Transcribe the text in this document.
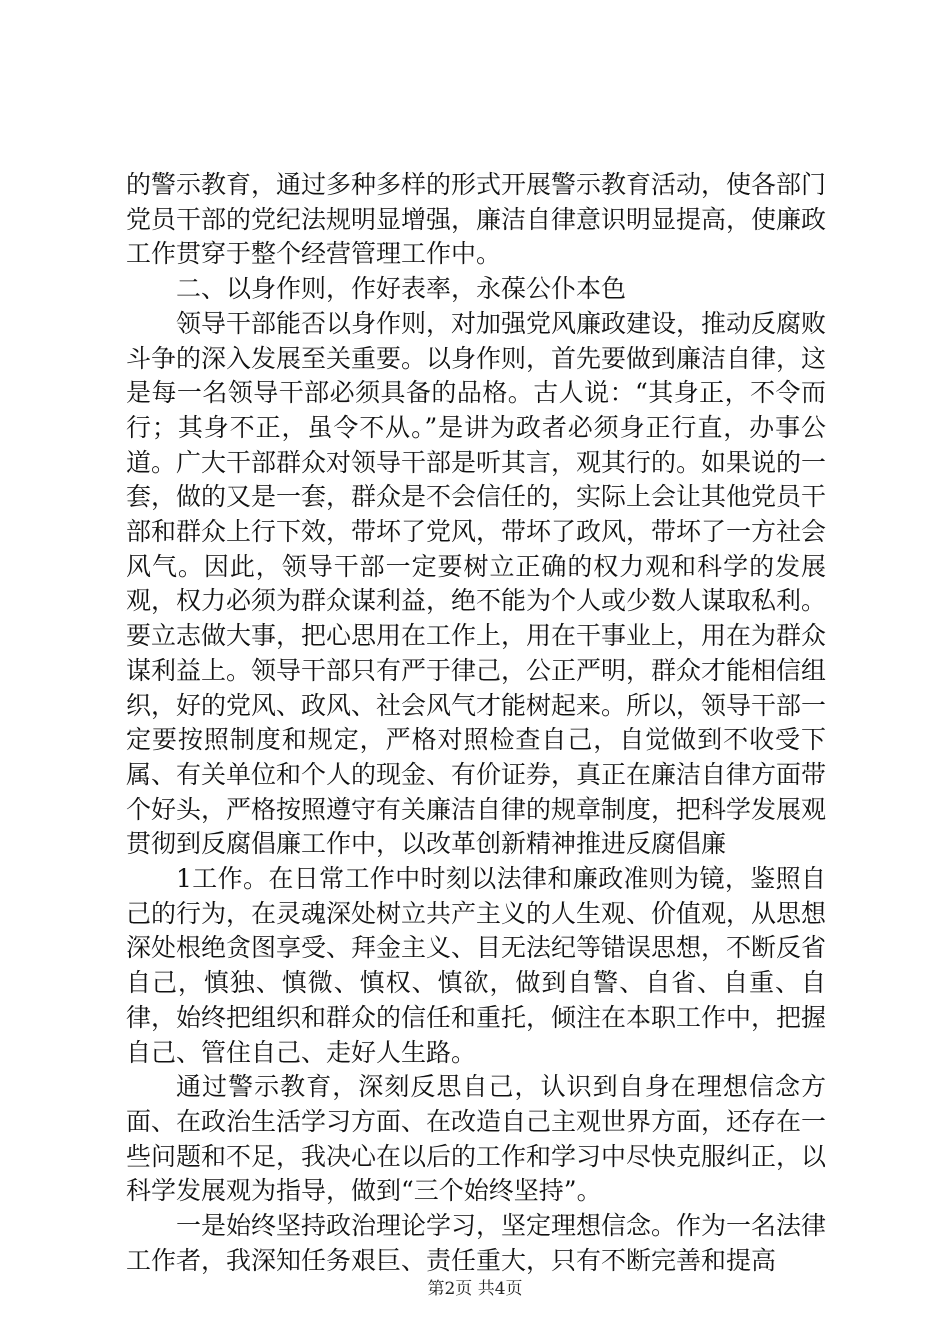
的警示教育，通过多种多样的形式开展警示教育活动，使各部门党员干部的党纪法规明显增强，廉洁自律意识明显提高，使廉政工作贯穿于整个经营管理工作中。

二、以身作则，作好表率，永葆公仆本色

领导干部能否以身作则，对加强党风廉政建设，推动反腐败斗争的深入发展至关重要。以身作则，首先要做到廉洁自律，这是每一名领导干部必须具备的品格。古人说：“其身正，不令而行；其身不正，虽令不从。”是讲为政者必须身正行直，办事公道。广大干部群众对领导干部是听其言，观其行的。如果说的一套，做的又是一套，群众是不会信任的，实际上会让其他党员干部和群众上行下效，带坏了党风，带坏了政风，带坏了一方社会风气。因此，领导干部一定要树立正确的权力观和科学的发展观，权力必须为群众谋利益，绝不能为个人或少数人谋取私利。要立志做大事，把心思用在工作上，用在干事业上，用在为群众谋利益上。领导干部只有严于律己，公正严明，群众才能相信组织，好的党风、政风、社会风气才能树起来。所以，领导干部一定要按照制度和规定，严格对照检查自己，自觉做到不收受下属、有关单位和个人的现金、有价证券，真正在廉洁自律方面带个好头，严格按照遵守有关廉洁自律的规章制度，把科学发展观贯彻到反腐倡廉工作中，以改革创新精神推进反腐倡廉

1工作。在日常工作中时刻以法律和廉政准则为镜，鉴照自己的行为，在灵魂深处树立共产主义的人生观、价值观，从思想深处根绝贪图享受、拜金主义、目无法纪等错误思想，不断反省自己，慎独、慎微、慎权、慎欲，做到自警、自省、自重、自律，始终把组织和群众的信任和重托，倾注在本职工作中，把握自己、管住自己、走好人生路。

通过警示教育，深刻反思自己，认识到自身在理想信念方面、在政治生活学习方面、在改造自己主观世界方面，还存在一些问题和不足，我决心在以后的工作和学习中尽快克服纠正，以科学发展观为指导，做到“三个始终坚持”。

一是始终坚持政治理论学习，坚定理想信念。作为一名法律工作者，我深知任务艰巨、责任重大，只有不断完善和提高

第2页 共4页
